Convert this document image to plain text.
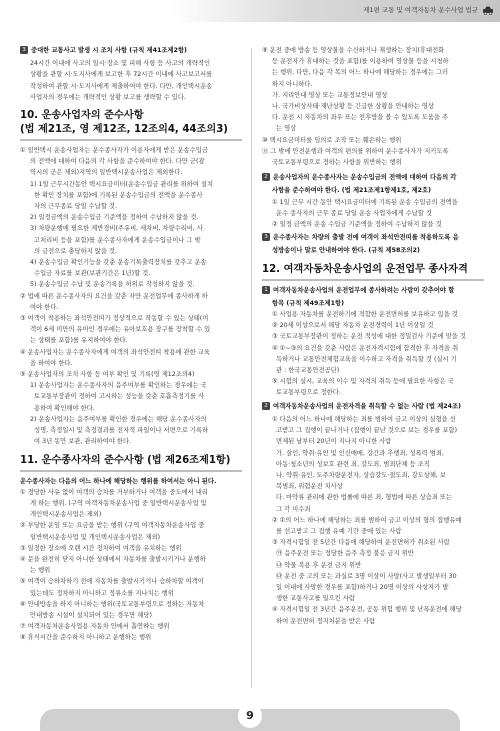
제1편 교통 및 여객자동차 운수사업 법규
3 중대한 교통사고 발생 시 조치 사항 (규칙 제41조제2항)
24시간 이내에 사고의 일시·장소 및 피해 사항 등 사고의 개략적인
상황을 관할 시·도지사에게 보고한 후 72시간 이내에 사고보고서를
작성하여 관할 시·도지사에게 제출하여야 한다. 다만, 개인택시운송
사업자의 경우에는 개략적인 상황 보고를 생략할 수 있다.
10. 운송사업자의 준수사항
(법 제21조, 영 제12조, 12조의4, 44조의3)
① 일반택시 운송사업자는 운수종사자가 이용자에게 받은 운송수입금
의 전액에 대하여 다음의 각 사항을 준수하여야 한다. 다만 군(광
역시의 군은 제외)지역의 일반택시운송사업은 제외한다.
1) 1일 근무시간동안 택시요금미터(운송수입금 관리를 위하여 설치
한 확인 장치를 포함)에 기록된 운송수입금의 전액을 운수종사
자의 근무종료 당일 수납할 것.
2) 일정금액의 운송수입금 기준액을 정하여 수납하지 않을 것.
3) 차량운행에 필요한 제반경비(주유비, 세차비, 차량수리비, 사
고처리비 등을 포함)를 운수종사자에게 운송수입금이나 그 밖
의 금전으로 충당하지 않을 것.
4) 운송수입금 확인기능을 갖춘 운송기록출력장치를 갖추고 운송
수입금 자료를 보관(보관기간은 1년)할 것.
5) 운송수입금 수납 및 운송기록을 허위로 작성하지 않을 것.
② 법에 따른 운수종사자의 요건을 갖춘 자만 운전업무에 종사하게 하
여야 한다.
③ 여객이 착용하는 좌석안전띠가 정상적으로 작동할 수 있는 상태(여
객이 6세 미만의 유아인 경우에는 유아보호용 장구를 장착할 수 있
는 상태를 포함)를 유지하여야 한다.
④ 운송사업자는 운수종사자에게 여객의 좌석안전띠 착용에 관한 교육
을 하여야 한다.
⑤ 운송사업자의 조치 사항 등 여부 확인 및 기록(영 제12조의4)
1) 운송사업자는 운수종사자의 음주여부를 확인하는 경우에는 국
토교통부장관이 정하여 고시하는 성능을 갖춘 호흡측정기를 사
용하여 확인해야 한다.
2) 운송사업자는 음주여부를 확인한 경우에는 해당 운수종사자의
성명, 측정일시 및 측정결과를 전자적 파일이나 서면으로 기록하
여 3년 동안 보관, 관리하여야 한다.
11. 운수종사자의 준수사항 (법 제26조제1항)
운수종사자는 다음의 어느 하나에 해당하는 행위를 하여서는 아니 된다.
① 정당한 사유 없이 여객의 승차를 거부하거나 여객을 중도에서 내리
게 하는 행위. (구역 여객자동차운송사업 중 일반택시운송사업 및
개인택시운송사업은 제외)
② 부당한 운임 또는 요금을 받는 행위 (구역 여객자동차운송사업 중
일반택시운송사업 및 개인택시운송사업은 제외)
③ 일정한 장소에 오랜 시간 정차하여 여객을 유치하는 행위
④ 문을 완전히 닫지 아니한 상태에서 자동차를 출발시키거나 운행하
는 행위
⑤ 여객이 승하차하기 전에 자동차를 출발시키거나 승하차할 여객이
있는데도 정차하지 아니하고 정류소를 지나치는 행위
⑥ 안내방송을 하지 아니하는 행위(국토교통부령으로 정하는 자동차
안내방송 시설이 설치되어 있는 경우만 해당)
⑦ 여객자동차운송사업용 자동차 안에서 흡연하는 행위
⑧ 휴식시간을 준수하지 아니하고 운행하는 행위
⑨ 운전 중에 방송 등 영상물을 수신하거나 재생하는 장치(휴대전화
등 운전자가 휴대하는 것을 포함)를 이용하여 영상물 등을 시청하
는 행위. 다만, 다음 각 목의 어느 하나에 해당하는 경우에는 그러
하지 아니하다.
가. 지리안내 영상 또는 교통정보안내 영상
나. 국가비상사태·재난상황 등 긴급한 상황을 안내하는 영상
다. 운전 시 자동차의 좌우 또는 전후방을 볼 수 있도록 도움을 주
는 영상
⑩ 택시요금미터를 임의로 조작 또는 훼손하는 행위
⑪ 그 밖에 안전운행과 여객의 편의를 위하여 운수종사자가 지키도록
국토교통부령으로 정하는 사항을 위반하는 행위
2 운송사업자의 운수종사자는 운송수입금의 전액에 대하여 다음의 각
사항을 준수하여야 한다. (법 제21조제1항제1호, 제2호)
① 1일 근무 시간 동안 택시요금미터에 기록된 운송 수입금의 전액을
운수 종사자의 근무 종료 당일 운송 사업자에게 수납할 것
② 일정 금액의 운송 수입금 기준액을 정하여 수납하지 않을 것
3 운수종사자는 차량의 출발 전에 여객이 좌석안전띠를 착용하도록 음
성방송이나 말로 안내하여야 한다. (규칙 제58조의2)
12. 여객자동차운송사업의 운전업무 종사자격
1 여객자동차운송사업의 운전업무에 종사하려는 사람이 갖추어야 할
항목 (규칙 제49조제1항)
① 사업용 자동차를 운전하기에 적합한 운전면허를 보유하고 있을 것
② 20세 이상으로서 해당 자동차 운전경력이 1년 이상일 것
③ 국토교통부장관이 정하는 운전 적성에 대한 정밀검사 기준에 맞을 것
④ ①~③의 요건을 갖춘 사람은 운전자격시험에 합격한 후 자격을 취
득하거나 교통안전체험교육을 이수하고 자격을 취득할 것 (실시 기
관 : 한국교통안전공단)
⑤ 시험의 실시, 교육의 이수 및 자격의 취득 등에 필요한 사항은 국
토교통부령으로 정한다.
2 여객자동차운송사업의 운전자격을 취득할 수 없는 사람 (법 제24조)
① 다음의 어느 하나에 해당하는 죄를 범하여 금고 이상의 실형을 선
고받고 그 집행이 끝나거나 (집행이 끝난 것으로 보는 경우를 포함)
면제된 날부터 20년이 지나지 아니한 사람
가. 살인, 약취·유인 및 인신매매, 강간과 추행죄, 성폭력 범죄,
아동·청소년의 성보호 관련 죄, 강도죄, 범죄단체 등 조직
나. 약취·유인, 도주차량운전자, 상습강도·절도죄, 강도상해, 보
복범죄, 위험운전 치사상
다. 마약류 관리에 관한 법률에 따른 죄, 형법에 따른 상습죄 또는
그 각 미수죄
② ①의 어느 하나에 해당하는 죄를 범하여 금고 이상의 형의 집행유예
를 선고받고 그 집행 유예 기간 중에 있는 사람
③ 자격시험일 전 5년간 다음에 해당하여 운전면허가 취소된 사람
㉮ 음주운전 또는 정당한 음주 측정 불응 금지 위반
㉯ 약물 복용 후 운전 금지 위반
㉰ 운전 중 고의 또는 과실로 3명 이상이 사망(사고 발생일부터 30
일 이내에 사망한 경우를 포함)하거나 20명 이상의 사상자가 발
생한 교통사고를 일으킨 사람
④ 자격시험일 전 3년간 음주운전, 공동 위험 행위 및 난폭운전에 해당
하여 운전면허 정지처분을 받은 사람
9
